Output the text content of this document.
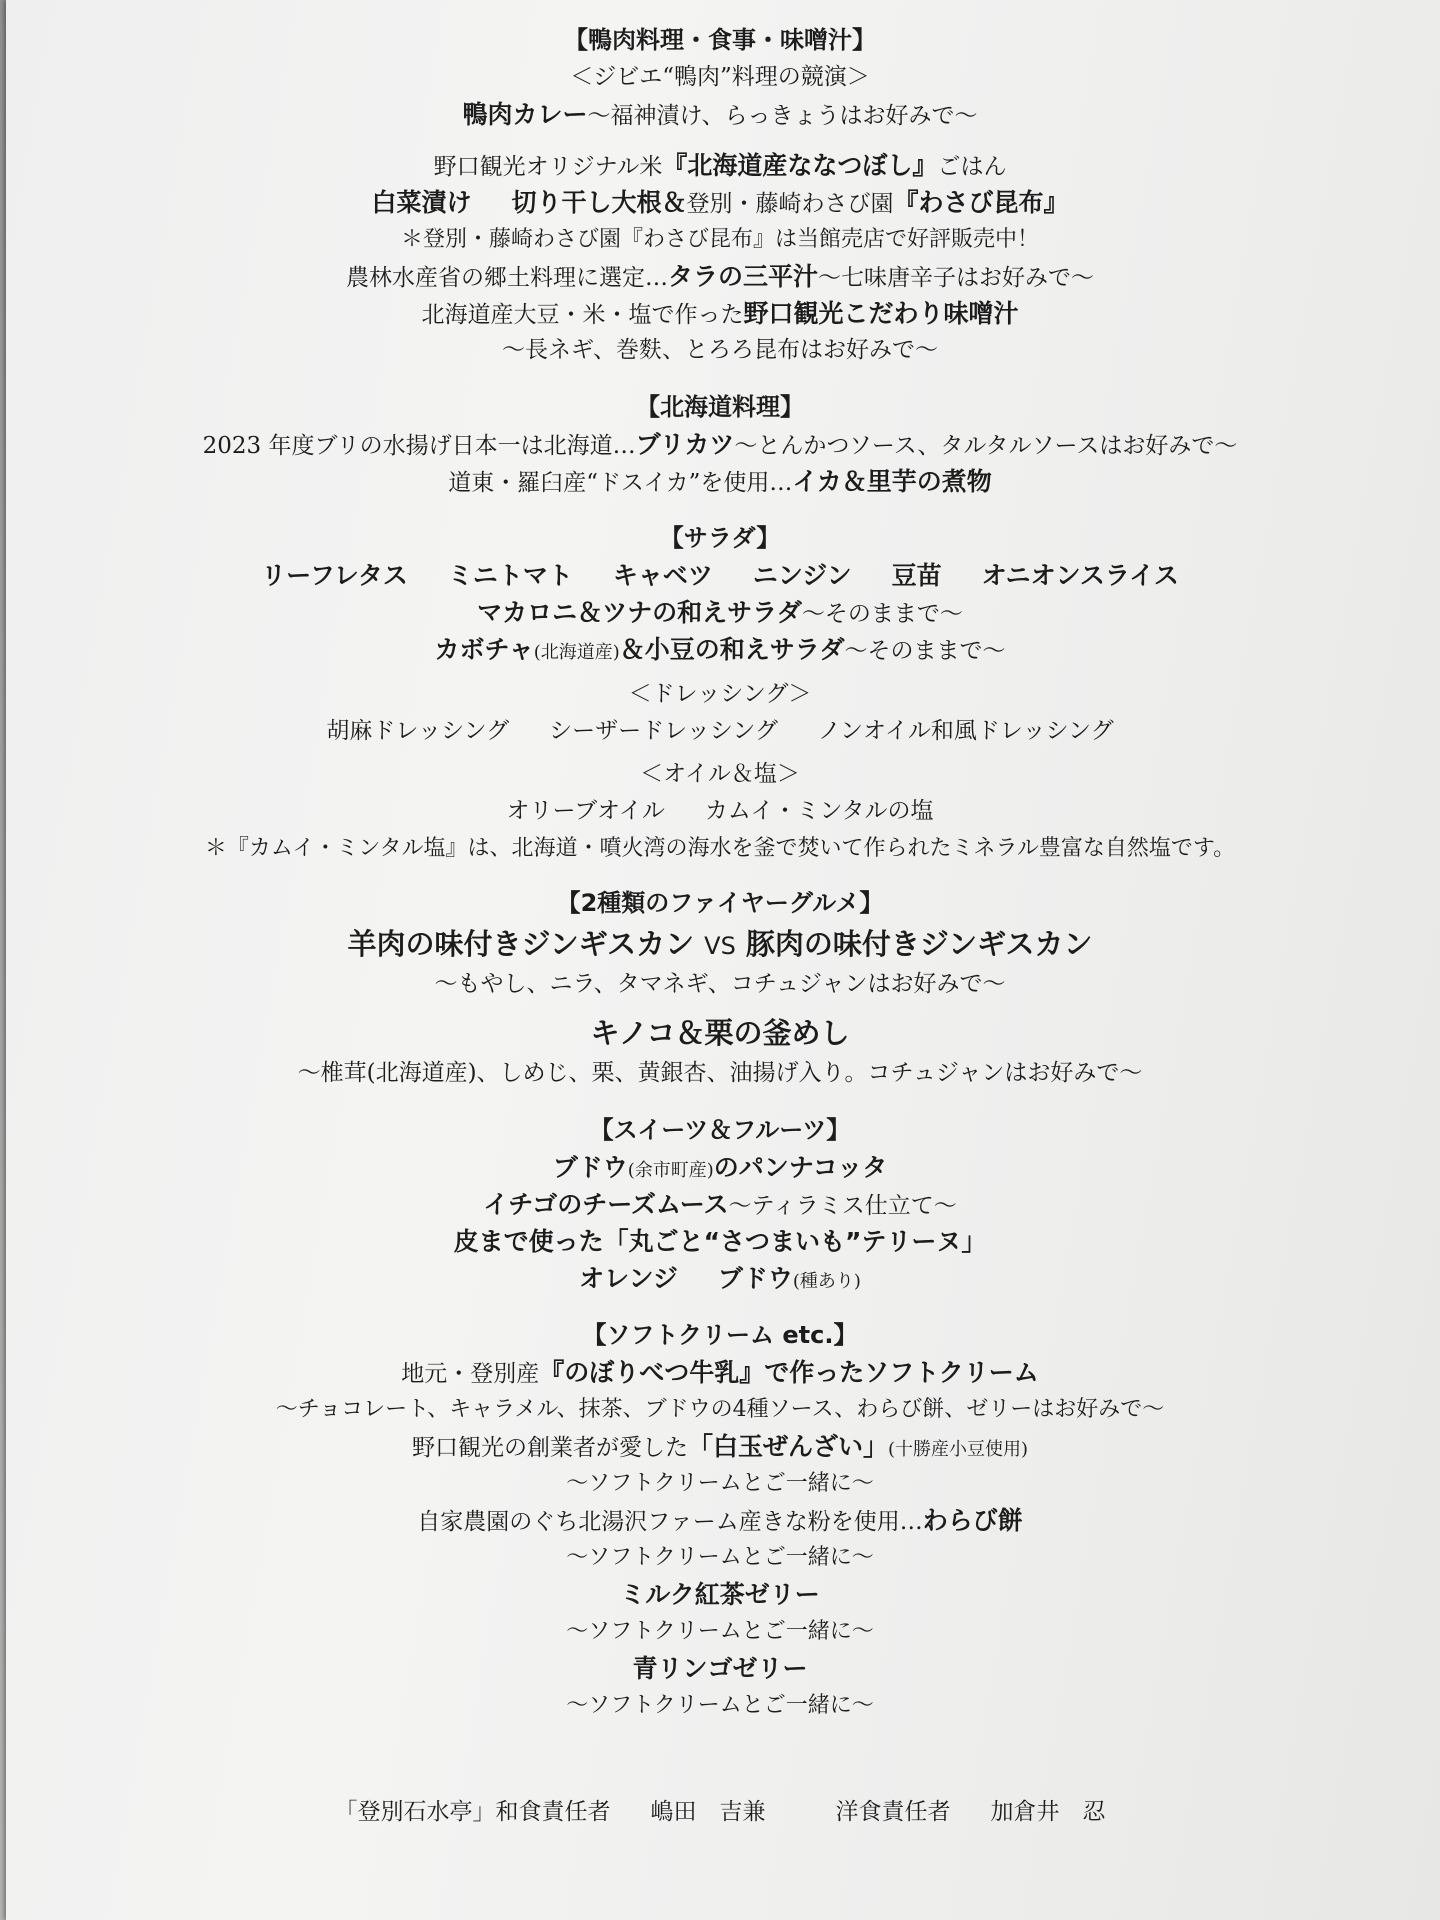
【鴨肉料理・食事・味噌汁】
＜ジビエ“鴨肉”料理の競演＞
鴨肉カレー～福神漬け、らっきょうはお好みで～
野口観光オリジナル米『北海道産ななつぼし』ごはん
白菜漬け 切り干し大根＆登別・藤崎わさび園『わさび昆布』
＊登別・藤崎わさび園『わさび昆布』は当館売店で好評販売中！
農林水産省の郷土料理に選定…タラの三平汁～七味唐辛子はお好みで～
北海道産大豆・米・塩で作った野口観光こだわり味噌汁
～長ネギ、巻麩、とろろ昆布はお好みで～
【北海道料理】
2023 年度ブリの水揚げ日本一は北海道…ブリカツ～とんかつソース、タルタルソースはお好みで～
道東・羅臼産“ドスイカ”を使用…イカ＆里芋の煮物
【サラダ】
リーフレタス ミニトマト キャベツ ニンジン 豆苗 オニオンスライス
マカロニ＆ツナの和えサラダ～そのままで～
カボチャ(北海道産)＆小豆の和えサラダ～そのままで～
＜ドレッシング＞
胡麻ドレッシング シーザードレッシング ノンオイル和風ドレッシング
＜オイル＆塩＞
オリーブオイル カムイ・ミンタルの塩
＊『カムイ・ミンタル塩』は、北海道・噴火湾の海水を釜で焚いて作られたミネラル豊富な自然塩です。
【2種類のファイヤーグルメ】
羊肉の味付きジンギスカン VS 豚肉の味付きジンギスカン
～もやし、ニラ、タマネギ、コチュジャンはお好みで～
キノコ＆栗の釜めし
～椎茸(北海道産)、しめじ、栗、黄銀杏、油揚げ入り。コチュジャンはお好みで～
【スイーツ＆フルーツ】
ブドウ(余市町産)のパンナコッタ
イチゴのチーズムース～ティラミス仕立て～
皮まで使った「丸ごと“さつまいも”テリーヌ」
オレンジ ブドウ(種あり)
【ソフトクリーム etc.】
地元・登別産『のぼりべつ牛乳』で作ったソフトクリーム
～チョコレート、キャラメル、抹茶、ブドウの4種ソース、わらび餅、ゼリーはお好みで～
野口観光の創業者が愛した「白玉ぜんざい」(十勝産小豆使用)
～ソフトクリームとご一緒に～
自家農園のぐち北湯沢ファーム産きな粉を使用…わらび餅
～ソフトクリームとご一緒に～
ミルク紅茶ゼリー
～ソフトクリームとご一緒に～
青リンゴゼリー
～ソフトクリームとご一緒に～
「登別石水亭」和食責任者 嶋田　吉兼	洋食責任者 加倉井　忍
